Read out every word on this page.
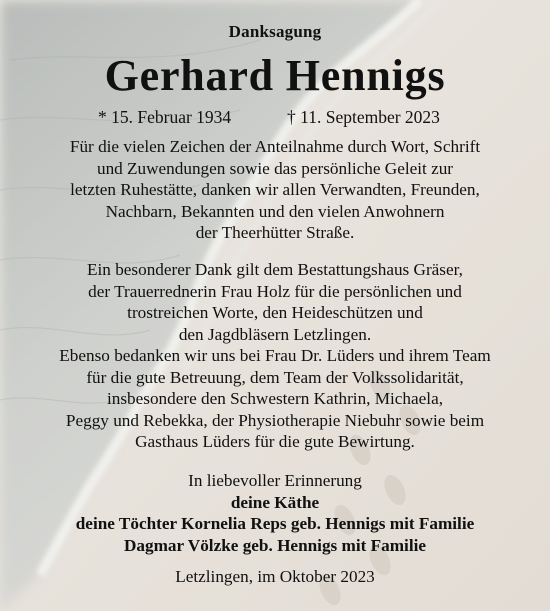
Danksagung
Gerhard Hennigs
* 15. Februar 1934	† 11. September 2023
Für die vielen Zeichen der Anteilnahme durch Wort, Schrift
und Zuwendungen sowie das persönliche Geleit zur
letzten Ruhestätte, danken wir allen Verwandten, Freunden,
Nachbarn, Bekannten und den vielen Anwohnern
der Theerhütter Straße.
Ein besonderer Dank gilt dem Bestattungshaus Gräser,
der Trauerrednerin Frau Holz für die persönlichen und
trostreichen Worte, den Heideschützen und
den Jagdbläsern Letzlingen.
Ebenso bedanken wir uns bei Frau Dr. Lüders und ihrem Team
für die gute Betreuung, dem Team der Volkssolidarität,
insbesondere den Schwestern Kathrin, Michaela,
Peggy und Rebekka, der Physiotherapie Niebuhr sowie beim
Gasthaus Lüders für die gute Bewirtung.
In liebevoller Erinnerung
deine Käthe
deine Töchter Kornelia Reps geb. Hennigs mit Familie
Dagmar Völzke geb. Hennigs mit Familie
Letzlingen, im Oktober 2023
